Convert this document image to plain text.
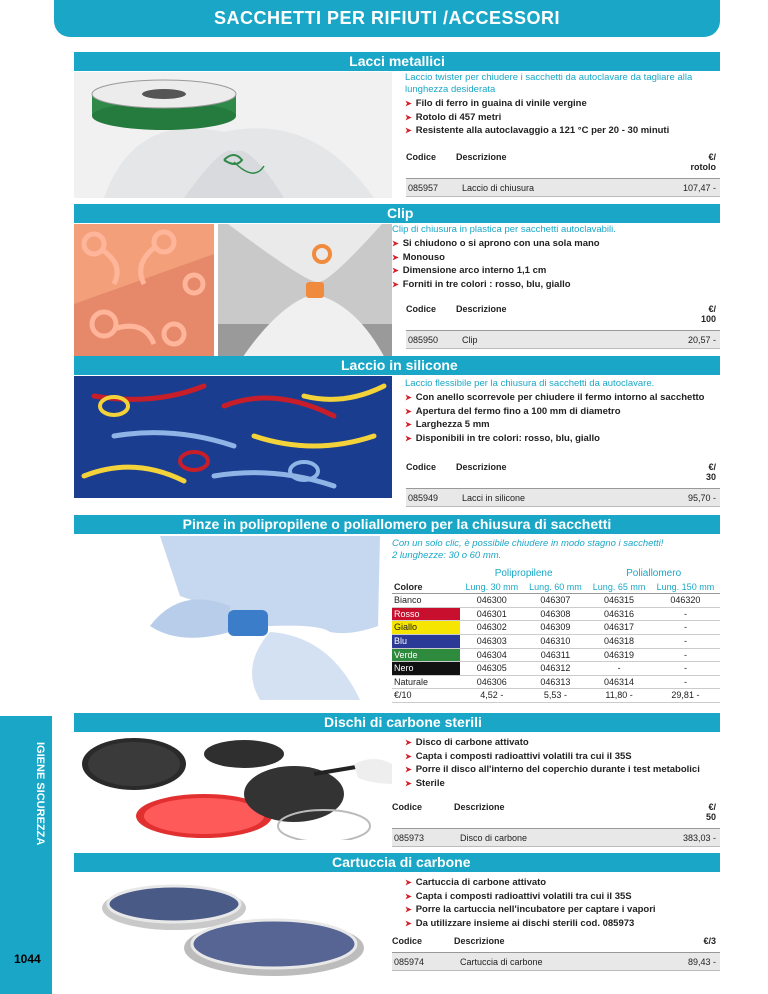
SACCHETTI PER RIFIUTI /ACCESSORI
IGIENE SICUREZZA
1044
Lacci metallici
Laccio twister per chiudere i sacchetti da autoclavare da tagliare alla lunghezza desiderata
➤ Filo di ferro in guaina di vinile vergine
➤ Rotolo di 457 metri
➤ Resistente alla autoclavaggio a 121 °C per 20 - 30 minuti
Codice	Descrizione	€/
rotolo
085957	Laccio di chiusura	107,47 -
Clip
Clip di chiusura in plastica per sacchetti autoclavabili.
➤ Si chiudono o si aprono con una sola mano
➤ Monouso
➤ Dimensione arco interno 1,1 cm
➤ Forniti in tre colori : rosso, blu, giallo
Codice	Descrizione	€/
100
085950	Clip	20,57 -
Laccio in silicone
Laccio flessibile per la chiusura di sacchetti da autoclavare.
➤ Con anello scorrevole per chiudere il fermo intorno al sacchetto
➤ Apertura del fermo fino a 100 mm di diametro
➤ Larghezza 5 mm
➤ Disponibili in tre colori: rosso, blu, giallo
Codice	Descrizione	€/
30
085949	Lacci in silicone	95,70 -
Pinze in polipropilene o poliallomero per la chiusura di sacchetti
Con un solo clic, è possibile chiudere in modo stagno i sacchetti!
2 lunghezze: 30 o 60 mm.
	Polipropilene		Poliallomero	
Colore	Lung. 30 mm	Lung. 60 mm	Lung. 65 mm	Lung. 150 mm
Bianco	046300	046307	046315	046320
Rosso	046301	046308	046316	-
Giallo	046302	046309	046317	-
Blu	046303	046310	046318	-
Verde	046304	046311	046319	-
Nero	046305	046312	-	-
Naturale	046306	046313	046314	-
€/10	4,52 -	5,53 -	11,80 -	29,81 -
Dischi di carbone sterili
➤ Disco di carbone attivato
➤ Capta i composti radioattivi volatili tra cui il 35S
➤ Porre il disco all'interno del coperchio durante i test metabolici
➤ Sterile
Codice	Descrizione	€/
50
085973	Disco di carbone	383,03 -
Cartuccia di carbone
➤ Cartuccia di carbone attivato
➤ Capta i composti radioattivi volatili tra cui il 35S
➤ Porre la cartuccia nell'incubatore per captare i vapori
➤ Da utilizzare insieme ai dischi sterili cod. 085973
Codice	Descrizione	€/3
085974	Cartuccia di carbone	89,43 -
